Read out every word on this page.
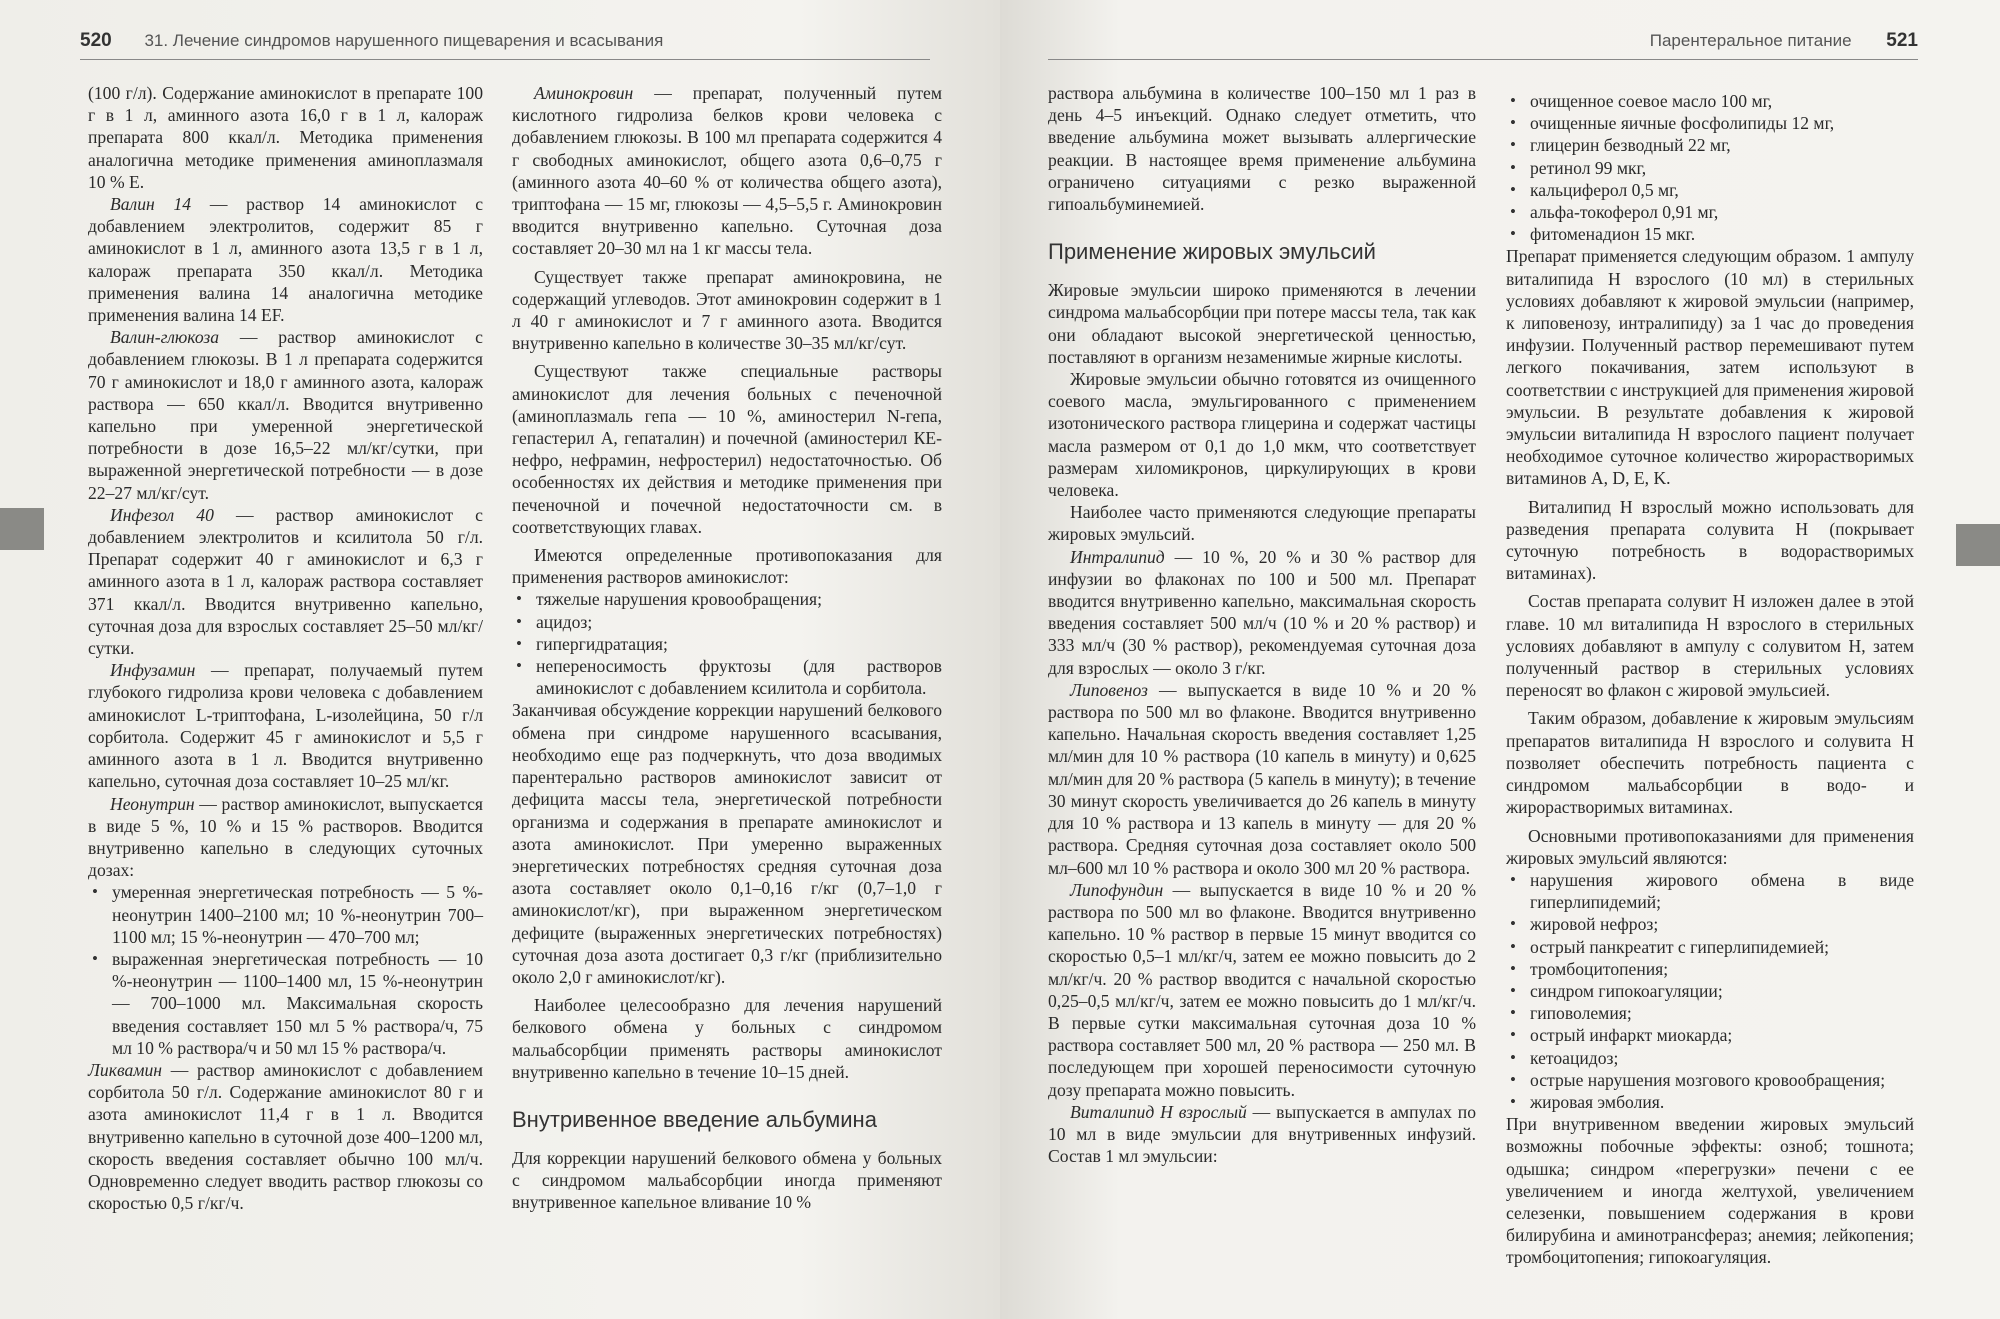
520 31. Лечение синдромов нарушенного пищеварения и всасывания

(100 г/л). Содержание аминокислот в препарате 100 г в 1 л, аминного азота 16,0 г в 1 л, калораж препарата 800 ккал/л. Методика применения аналогична методике применения аминоплазмаля 10 % Е.

Валин 14 — раствор 14 аминокислот с добавлением электролитов, содержит 85 г аминокислот в 1 л, аминного азота 13,5 г в 1 л, калораж препарата 350 ккал/л. Методика применения валина 14 аналогична методике применения валина 14 EF.

Валин-глюкоза — раствор аминокислот с добавлением глюкозы. В 1 л препарата содержится 70 г аминокислот и 18,0 г аминного азота, калораж раствора — 650 ккал/л. Вводится внутривенно капельно при умеренной энергетической потребности в дозе 16,5–22 мл/кг/сутки, при выраженной энергетической потребности — в дозе 22–27 мл/кг/сут.

Инфезол 40 — раствор аминокислот с добавлением электролитов и ксилитола 50 г/л. Препарат содержит 40 г аминокислот и 6,3 г аминного азота в 1 л, калораж раствора составляет 371 ккал/л. Вводится внутривенно капельно, суточная доза для взрослых составляет 25–50 мл/кг/сутки.

Инфузамин — препарат, получаемый путем глубокого гидролиза крови человека с добавлением аминокислот L-триптофана, L-изолейцина, 50 г/л сорбитола. Содержит 45 г аминокислот и 5,5 г аминного азота в 1 л. Вводится внутривенно капельно, суточная доза составляет 10–25 мл/кг.

Неонутрин — раствор аминокислот, выпускается в виде 5 %, 10 % и 15 % растворов. Вводится внутривенно капельно в следующих суточных дозах:

• умеренная энергетическая потребность — 5 %-неонутрин 1400–2100 мл; 10 %-неонутрин 700–1100 мл; 15 %-неонутрин — 470–700 мл;
• выраженная энергетическая потребность — 10 %-неонутрин — 1100–1400 мл, 15 %-неонутрин — 700–1000 мл. Максимальная скорость введения составляет 150 мл 5 % раствора/ч, 75 мл 10 % раствора/ч и 50 мл 15 % раствора/ч.

Ликвамин — раствор аминокислот с добавлением сорбитола 50 г/л. Содержание аминокислот 80 г и азота аминокислот 11,4 г в 1 л. Вводится внутривенно капельно в суточной дозе 400–1200 мл, скорость введения составляет обычно 100 мл/ч. Одновременно следует вводить раствор глюкозы со скоростью 0,5 г/кг/ч.

Аминокровин — препарат, полученный путем кислотного гидролиза белков крови человека с добавлением глюкозы. В 100 мл препарата содержится 4 г свободных аминокислот, общего азота 0,6–0,75 г (аминного азота 40–60 % от количества общего азота), триптофана — 15 мг, глюкозы — 4,5–5,5 г. Аминокровин вводится внутривенно капельно. Суточная доза составляет 20–30 мл на 1 кг массы тела.

Существует также препарат аминокровина, не содержащий углеводов. Этот аминокровин содержит в 1 л 40 г аминокислот и 7 г аминного азота. Вводится внутривенно капельно в количестве 30–35 мл/кг/сут.

Существуют также специальные растворы аминокислот для лечения больных с печеночной (аминоплазмаль гепа — 10 %, аминостерил N-гепа, гепастерил А, гепаталин) и почечной (аминостерил КЕ-нефро, нефрамин, нефростерил) недостаточностью. Об особенностях их действия и методике применения при печеночной и почечной недостаточности см. в соответствующих главах.

Имеются определенные противопоказания для применения растворов аминокислот:

• тяжелые нарушения кровообращения;
• ацидоз;
• гипергидратация;
• непереносимость фруктозы (для растворов аминокислот с добавлением ксилитола и сорбитола.

Заканчивая обсуждение коррекции нарушений белкового обмена при синдроме нарушенного всасывания, необходимо еще раз подчеркнуть, что доза вводимых парентерально растворов аминокислот зависит от дефицита массы тела, энергетической потребности организма и содержания в препарате аминокислот и азота аминокислот. При умеренно выраженных энергетических потребностях средняя суточная доза азота составляет около 0,1–0,16 г/кг (0,7–1,0 г аминокислот/кг), при выраженном энергетическом дефиците (выраженных энергетических потребностях) суточная доза азота достигает 0,3 г/кг (приблизительно около 2,0 г аминокислот/кг).

Наиболее целесообразно для лечения нарушений белкового обмена у больных с синдромом мальабсорбции применять растворы аминокислот внутривенно капельно в течение 10–15 дней.

Внутривенное введение альбумина

Для коррекции нарушений белкового обмена у больных с синдромом мальабсорбции иногда применяют внутривенное капельное вливание 10 %

Парентеральное питание 521

раствора альбумина в количестве 100–150 мл 1 раз в день 4–5 инъекций. Однако следует отметить, что введение альбумина может вызывать аллергические реакции. В настоящее время применение альбумина ограничено ситуациями с резко выраженной гипоальбуминемией.

Применение жировых эмульсий

Жировые эмульсии широко применяются в лечении синдрома мальабсорбции при потере массы тела, так как они обладают высокой энергетической ценностью, поставляют в организм незаменимые жирные кислоты.

Жировые эмульсии обычно готовятся из очищенного соевого масла, эмульгированного с применением изотонического раствора глицерина и содержат частицы масла размером от 0,1 до 1,0 мкм, что соответствует размерам хиломикронов, циркулирующих в крови человека.

Наиболее часто применяются следующие препараты жировых эмульсий.

Интралипид — 10 %, 20 % и 30 % раствор для инфузии во флаконах по 100 и 500 мл. Препарат вводится внутривенно капельно, максимальная скорость введения составляет 500 мл/ч (10 % и 20 % раствор) и 333 мл/ч (30 % раствор), рекомендуемая суточная доза для взрослых — около 3 г/кг.

Липовеноз — выпускается в виде 10 % и 20 % раствора по 500 мл во флаконе. Вводится внутривенно капельно. Начальная скорость введения составляет 1,25 мл/мин для 10 % раствора (10 капель в минуту) и 0,625 мл/мин для 20 % раствора (5 капель в минуту); в течение 30 минут скорость увеличивается до 26 капель в минуту для 10 % раствора и 13 капель в минуту — для 20 % раствора. Средняя суточная доза составляет около 500 мл–600 мл 10 % раствора и около 300 мл 20 % раствора.

Липофундин — выпускается в виде 10 % и 20 % раствора по 500 мл во флаконе. Вводится внутривенно капельно. 10 % раствор в первые 15 минут вводится со скоростью 0,5–1 мл/кг/ч, затем ее можно повысить до 2 мл/кг/ч. 20 % раствор вводится с начальной скоростью 0,25–0,5 мл/кг/ч, затем ее можно повысить до 1 мл/кг/ч. В первые сутки максимальная суточная доза 10 % раствора составляет 500 мл, 20 % раствора — 250 мл. В последующем при хорошей переносимости суточную дозу препарата можно повысить.

Виталипид Н взрослый — выпускается в ампулах по 10 мл в виде эмульсии для внутривенных инфузий. Состав 1 мл эмульсии:

• очищенное соевое масло 100 мг,
• очищенные яичные фосфолипиды 12 мг,
• глицерин безводный 22 мг,
• ретинол 99 мкг,
• кальциферол 0,5 мг,
• альфа-токоферол 0,91 мг,
• фитоменадион 15 мкг.

Препарат применяется следующим образом. 1 ампулу виталипида Н взрослого (10 мл) в стерильных условиях добавляют к жировой эмульсии (например, к липовенозу, интралипиду) за 1 час до проведения инфузии. Полученный раствор перемешивают путем легкого покачивания, затем используют в соответствии с инструкцией для применения жировой эмульсии. В результате добавления к жировой эмульсии виталипида Н взрослого пациент получает необходимое суточное количество жирорастворимых витаминов А, D, E, K.

Виталипид Н взрослый можно использовать для разведения препарата солувита Н (покрывает суточную потребность в водорастворимых витаминах).

Состав препарата солувит Н изложен далее в этой главе. 10 мл виталипида Н взрослого в стерильных условиях добавляют в ампулу с солувитом Н, затем полученный раствор в стерильных условиях переносят во флакон с жировой эмульсией.

Таким образом, добавление к жировым эмульсиям препаратов виталипида Н взрослого и солувита Н позволяет обеспечить потребность пациента с синдромом мальабсорбции в водо- и жирорастворимых витаминах.

Основными противопоказаниями для применения жировых эмульсий являются:

• нарушения жирового обмена в виде гиперлипидемий;
• жировой нефроз;
• острый панкреатит с гиперлипидемией;
• тромбоцитопения;
• синдром гипокоагуляции;
• гиповолемия;
• острый инфаркт миокарда;
• кетоацидоз;
• острые нарушения мозгового кровообращения;
• жировая эмболия.

При внутривенном введении жировых эмульсий возможны побочные эффекты: озноб; тошнота; одышка; синдром «перегрузки» печени с ее увеличением и иногда желтухой, увеличением селезенки, повышением содержания в крови билирубина и аминотрансфераз; анемия; лейкопения; тромбоцитопения; гипокоагуляция.
